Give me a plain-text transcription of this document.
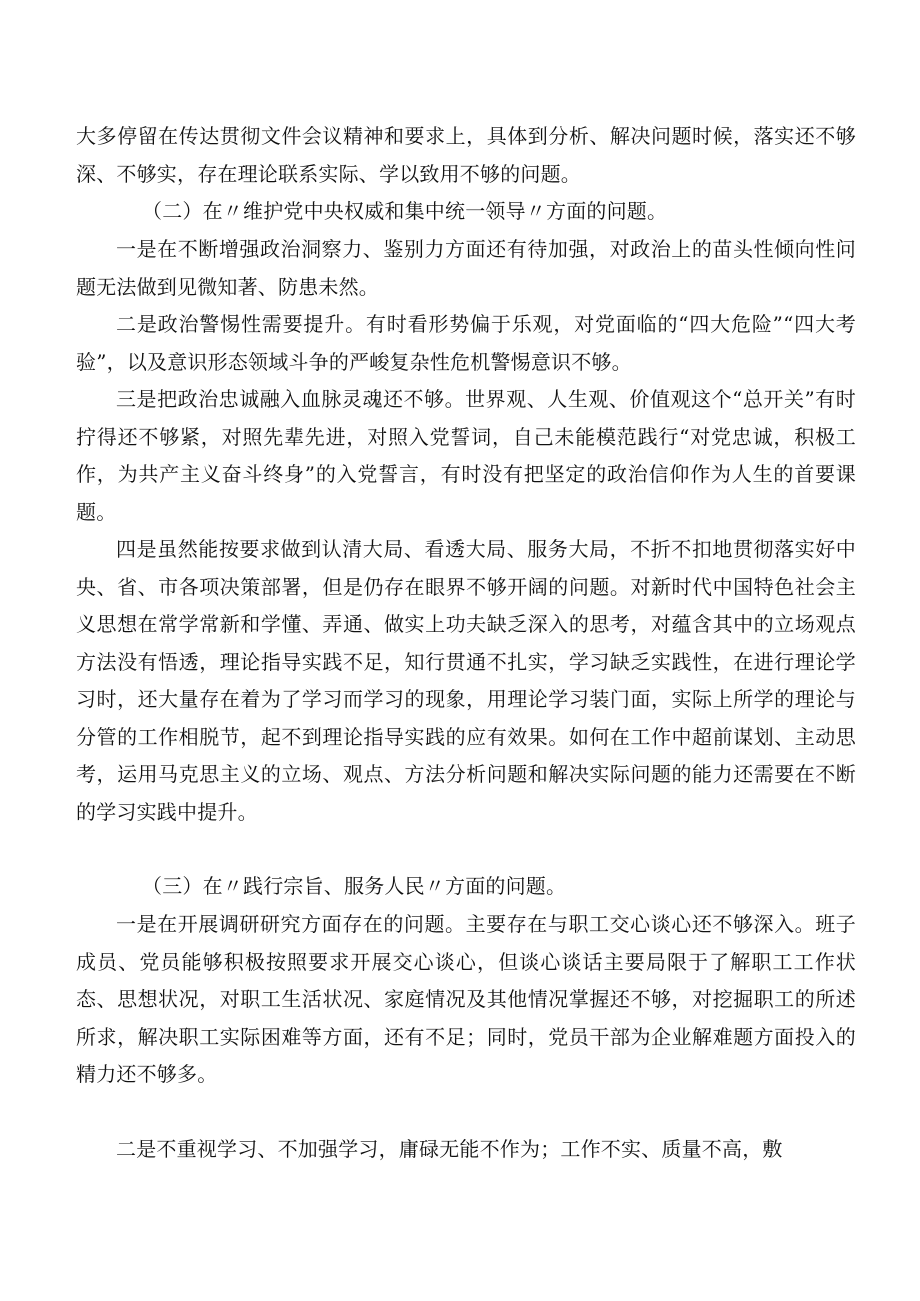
大多停留在传达贯彻文件会议精神和要求上，具体到分析、解决问题时候，落实还不够深、不够实，存在理论联系实际、学以致用不够的问题。

（二）在〃维护党中央权威和集中统一领导〃方面的问题。

一是在不断增强政治洞察力、鉴别力方面还有待加强，对政治上的苗头性倾向性问题无法做到见微知著、防患未然。

二是政治警惕性需要提升。有时看形势偏于乐观，对党面临的“四大危险”“四大考验”，以及意识形态领域斗争的严峻复杂性危机警惕意识不够。

三是把政治忠诚融入血脉灵魂还不够。世界观、人生观、价值观这个“总开关”有时拧得还不够紧，对照先辈先进，对照入党誓词，自己未能模范践行“对党忠诚，积极工作，为共产主义奋斗终身”的入党誓言，有时没有把坚定的政治信仰作为人生的首要课题。

四是虽然能按要求做到认清大局、看透大局、服务大局，不折不扣地贯彻落实好中央、省、市各项决策部署，但是仍存在眼界不够开阔的问题。对新时代中国特色社会主义思想在常学常新和学懂、弄通、做实上功夫缺乏深入的思考，对蕴含其中的立场观点方法没有悟透，理论指导实践不足，知行贯通不扎实，学习缺乏实践性，在进行理论学习时，还大量存在着为了学习而学习的现象，用理论学习装门面，实际上所学的理论与分管的工作相脱节，起不到理论指导实践的应有效果。如何在工作中超前谋划、主动思考，运用马克思主义的立场、观点、方法分析问题和解决实际问题的能力还需要在不断的学习实践中提升。

（三）在〃践行宗旨、服务人民〃方面的问题。

一是在开展调研研究方面存在的问题。主要存在与职工交心谈心还不够深入。班子成员、党员能够积极按照要求开展交心谈心，但谈心谈话主要局限于了解职工工作状态、思想状况，对职工生活状况、家庭情况及其他情况掌握还不够，对挖掘职工的所述所求，解决职工实际困难等方面，还有不足；同时，党员干部为企业解难题方面投入的精力还不够多。

二是不重视学习、不加强学习，庸碌无能不作为；工作不实、质量不高，敷
